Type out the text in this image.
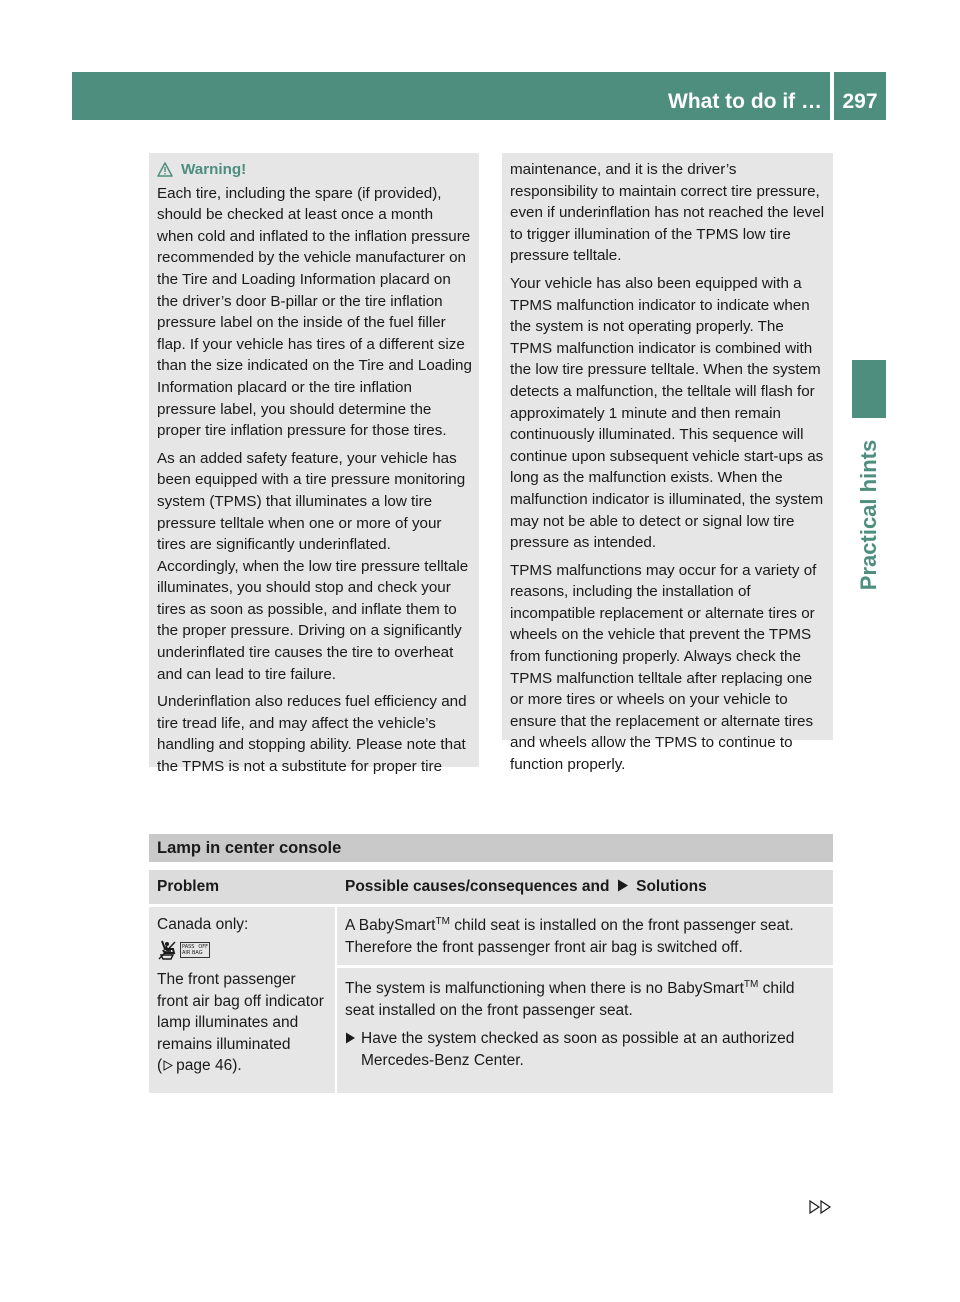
What to do if … 297
Practical hints
Warning!

Each tire, including the spare (if provided), should be checked at least once a month when cold and inflated to the inflation pressure recommended by the vehicle manufacturer on the Tire and Loading Information placard on the driver’s door B-pillar or the tire inflation pressure label on the inside of the fuel filler flap. If your vehicle has tires of a different size than the size indicated on the Tire and Loading Information placard or the tire inflation pressure label, you should determine the proper tire inflation pressure for those tires.

As an added safety feature, your vehicle has been equipped with a tire pressure monitoring system (TPMS) that illuminates a low tire pressure telltale when one or more of your tires are significantly underinflated. Accordingly, when the low tire pressure telltale illuminates, you should stop and check your tires as soon as possible, and inflate them to the proper pressure. Driving on a significantly underinflated tire causes the tire to overheat and can lead to tire failure.

Underinflation also reduces fuel efficiency and tire tread life, and may affect the vehicle’s handling and stopping ability. Please note that the TPMS is not a substitute for proper tire

maintenance, and it is the driver’s responsibility to maintain correct tire pressure, even if underinflation has not reached the level to trigger illumination of the TPMS low tire pressure telltale.

Your vehicle has also been equipped with a TPMS malfunction indicator to indicate when the system is not operating properly. The TPMS malfunction indicator is combined with the low tire pressure telltale. When the system detects a malfunction, the telltale will flash for approximately 1 minute and then remain continuously illuminated. This sequence will continue upon subsequent vehicle start-ups as long as the malfunction exists. When the malfunction indicator is illuminated, the system may not be able to detect or signal low tire pressure as intended.

TPMS malfunctions may occur for a variety of reasons, including the installation of incompatible replacement or alternate tires or wheels on the vehicle that prevent the TPMS from functioning properly. Always check the TPMS malfunction telltale after replacing one or more tires or wheels on your vehicle to ensure that the replacement or alternate tires and wheels allow the TPMS to continue to function properly.

Lamp in center console
Problem	Possible causes/consequences and Solutions
Canada only:
PASS
AIR BAG
OFF
The front passenger front air bag off indicator lamp illuminates and remains illuminated
( page 46).

A BabySmart™ child seat is installed on the front passenger seat. Therefore the front passenger front air bag is switched off.

The system is malfunctioning when there is no BabySmart™ child seat installed on the front passenger seat.

Have the system checked as soon as possible at an authorized Mercedes-Benz Center.
